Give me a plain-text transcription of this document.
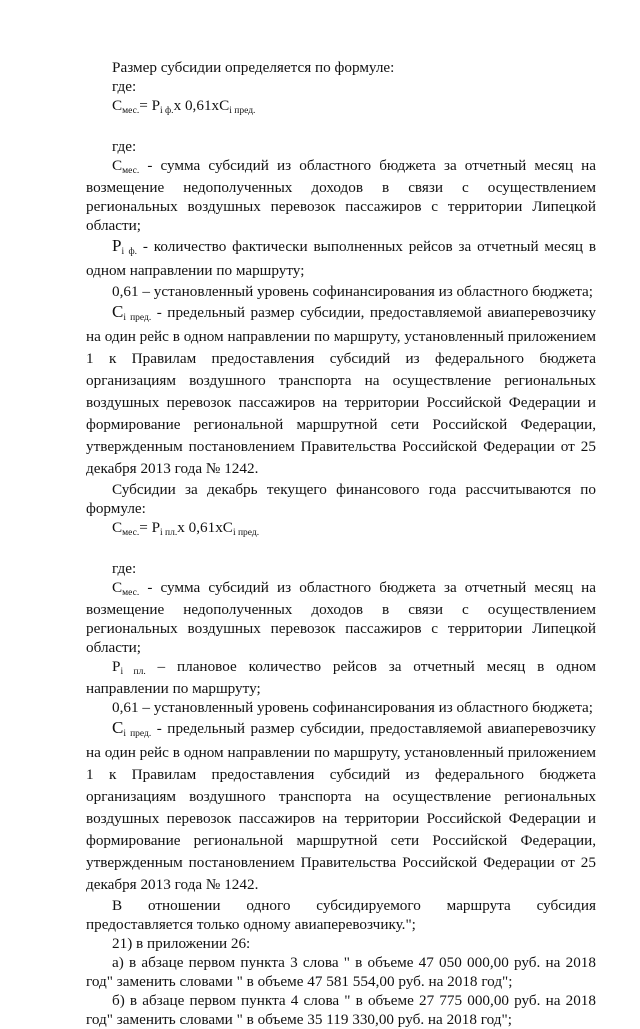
Размер субсидии определяется по формуле:

где:

Смес.= Рi ф.х 0,61хСi пред.

где:

Смес. - сумма субсидий из областного бюджета за отчетный месяц на возмещение недополученных доходов в связи с осуществлением региональных воздушных перевозок пассажиров с территории Липецкой области;

Рi ф. - количество фактически выполненных рейсов за отчетный месяц в одном направлении по маршруту;

0,61 – установленный уровень софинансирования из областного бюджета;

Сi пред. - предельный размер субсидии, предоставляемой авиаперевозчику на один рейс в одном направлении по маршруту, установленный приложением 1 к Правилам предоставления субсидий из федерального бюджета организациям воздушного транспорта на осуществление региональных воздушных перевозок пассажиров на территории Российской Федерации и формирование региональной маршрутной сети Российской Федерации, утвержденным постановлением Правительства Российской Федерации от 25 декабря 2013 года № 1242.

Субсидии за декабрь текущего финансового года рассчитываются по формуле:

Смес.= Рi пл.х 0,61хСi пред.

где:

Смес. - сумма субсидий из областного бюджета за отчетный месяц на возмещение недополученных доходов в связи с осуществлением региональных воздушных перевозок пассажиров с территории Липецкой области;

Рi пл. – плановое количество рейсов за отчетный месяц в одном направлении по маршруту;

0,61 – установленный уровень софинансирования из областного бюджета;

Сi пред. - предельный размер субсидии, предоставляемой авиаперевозчику на один рейс в одном направлении по маршруту, установленный приложением 1 к Правилам предоставления субсидий из федерального бюджета организациям воздушного транспорта на осуществление региональных воздушных перевозок пассажиров на территории Российской Федерации и формирование региональной маршрутной сети Российской Федерации, утвержденным постановлением Правительства Российской Федерации от 25 декабря 2013 года № 1242.

В отношении одного субсидируемого маршрута субсидия предоставляется только одному авиаперевозчику.";

21) в приложении 26:

а) в абзаце первом пункта 3 слова " в объеме 47 050 000,00 руб. на 2018 год" заменить словами " в объеме 47 581 554,00 руб. на 2018 год";

б) в абзаце первом пункта 4 слова " в объеме 27 775 000,00 руб. на 2018 год" заменить словами " в объеме 35 119 330,00 руб. на 2018 год";
